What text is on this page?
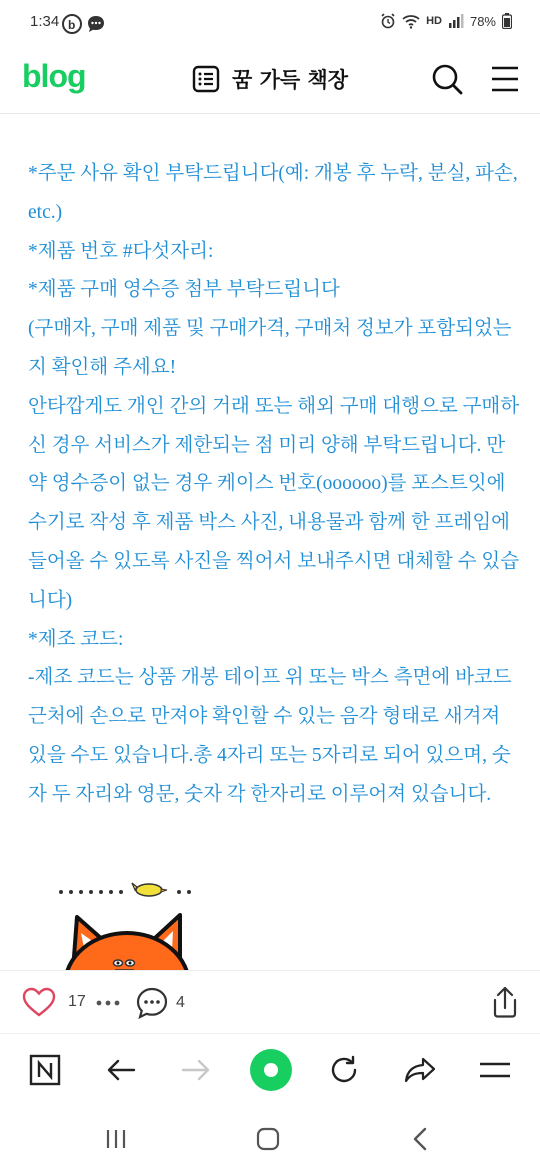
1:34 b	HD 78%
blog	꿈 가득 책장

*주문 사유 확인 부탁드립니다(예: 개봉 후 누락, 분실, 파손, etc.)

*제품 번호 #다섯자리:

*제품 구매 영수증 첨부 부탁드립니다

(구매자, 구매 제품 및 구매가격, 구매처 정보가 포함되었는지 확인해 주세요!

안타깝게도 개인 간의 거래 또는 해외 구매 대행으로 구매하신 경우 서비스가 제한되는 점 미리 양해 부탁드립니다. 만약 영수증이 없는 경우 케이스 번호(oooooo)를 포스트잇에 수기로 작성 후 제품 박스 사진, 내용물과 함께 한 프레임에 들어올 수 있도록 사진을 찍어서 보내주시면 대체할 수 있습니다)

*제조 코드:

-제조 코드는 상품 개봉 테이프 위 또는 박스 측면에 바코드 근처에 손으로 만져야 확인할 수 있는 음각 형태로 새겨져 있을 수도 있습니다.총 4자리 또는 5자리로 되어 있으며, 숫자 두 자리와 영문, 숫자 각 한자리로 이루어져 있습니다.

17	4
